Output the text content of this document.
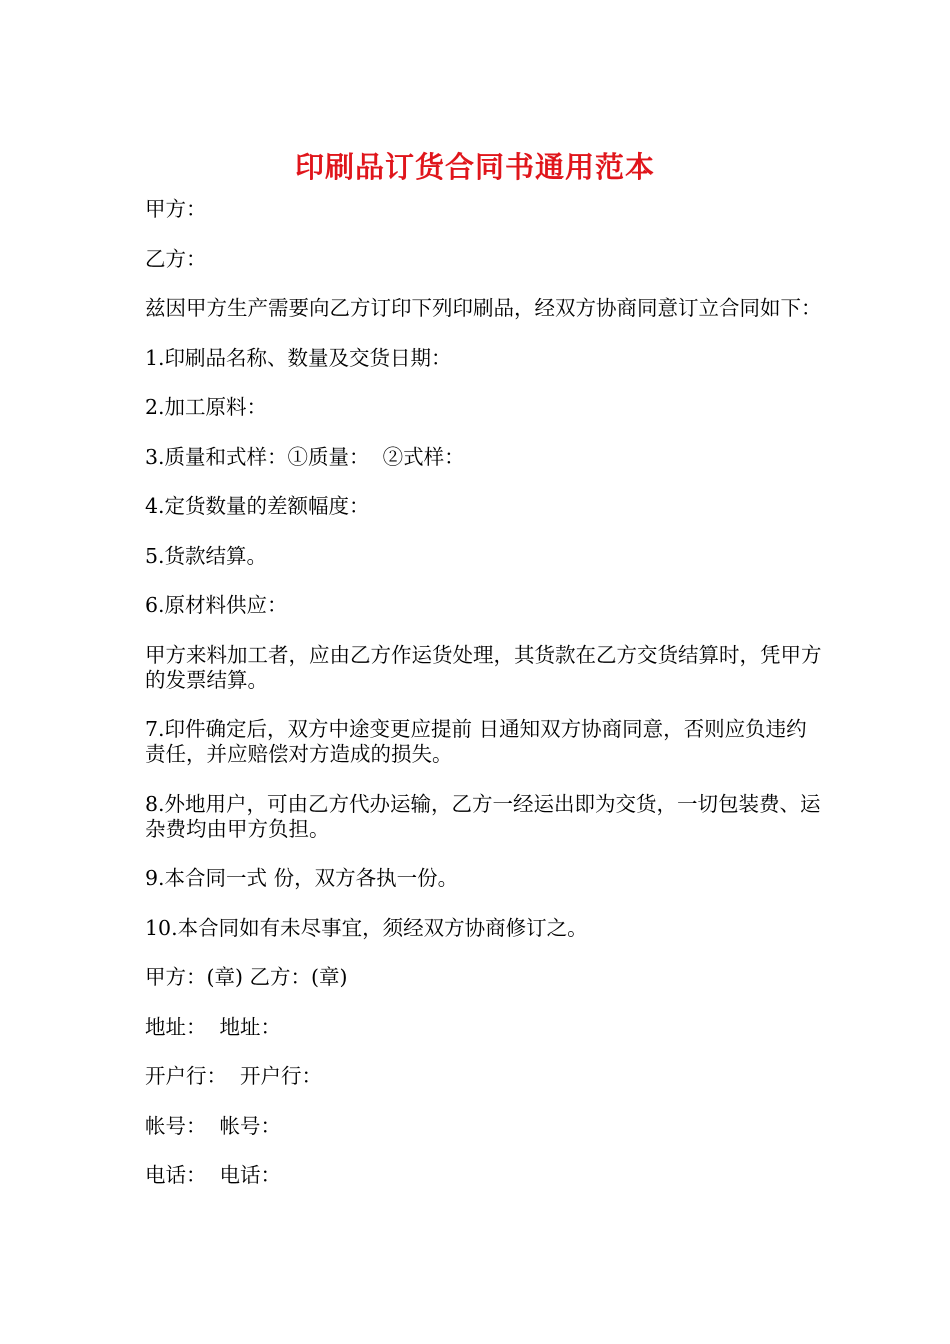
印刷品订货合同书通用范本

甲方：

乙方：

兹因甲方生产需要向乙方订印下列印刷品，经双方协商同意订立合同如下：

1.印刷品名称、数量及交货日期：

2.加工原料：

3.质量和式样：①质量：  ②式样：

4.定货数量的差额幅度：

5.货款结算。

6.原材料供应：

甲方来料加工者，应由乙方作运货处理，其货款在乙方交货结算时，凭甲方的发票结算。

7.印件确定后，双方中途变更应提前 日通知双方协商同意，否则应负违约责任，并应赔偿对方造成的损失。

8.外地用户，可由乙方代办运输，乙方一经运出即为交货，一切包装费、运杂费均由甲方负担。

9.本合同一式 份，双方各执一份。

10.本合同如有未尽事宜，须经双方协商修订之。

甲方：(章) 乙方：(章)

地址：  地址：

开户行：  开户行：

帐号：  帐号：

电话：  电话：
